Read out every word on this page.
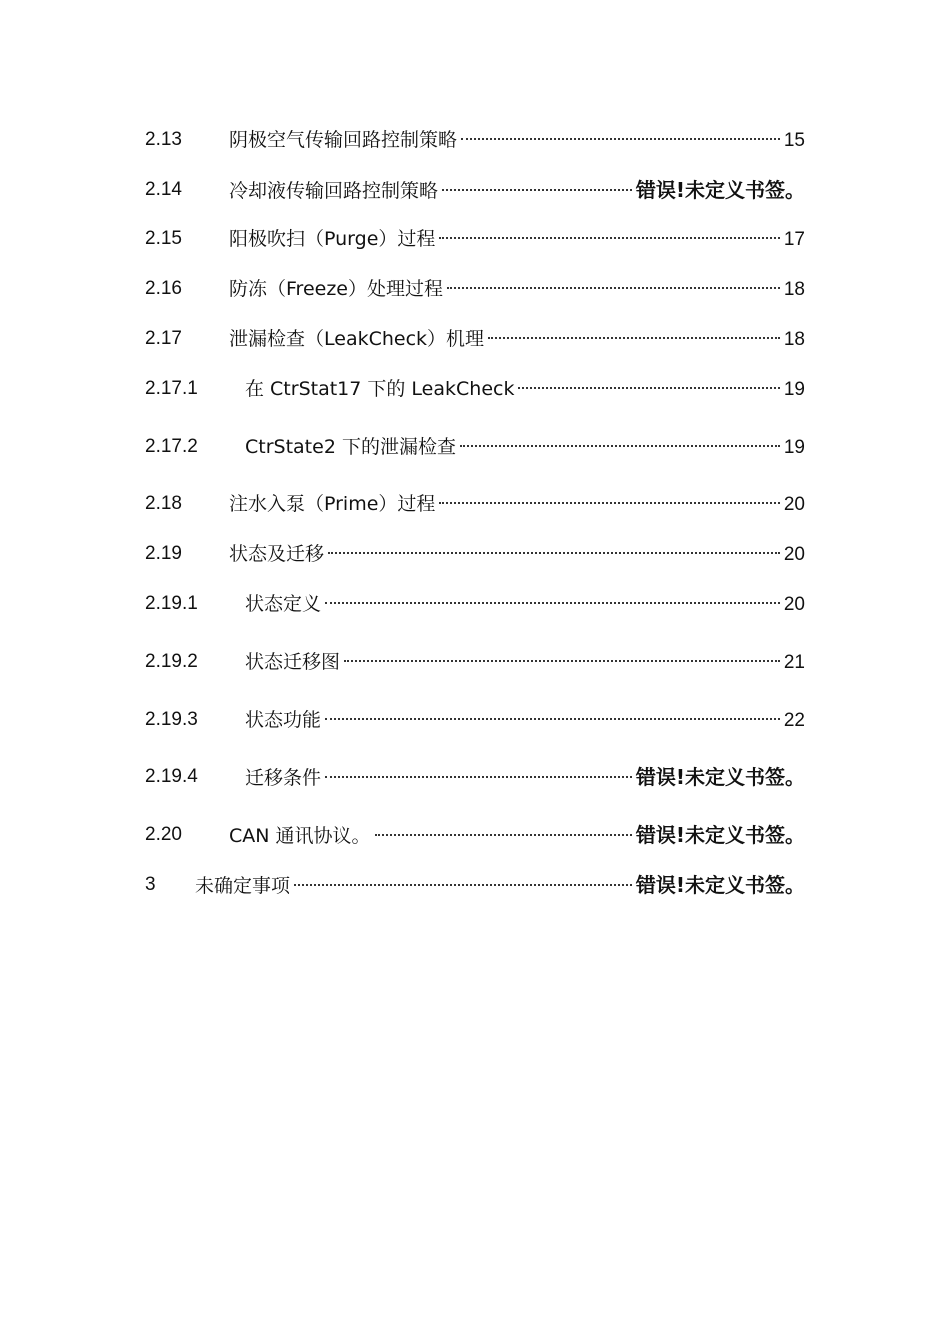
2.13 阴极空气传输回路控制策略	15
2.14 冷却液传输回路控制策略	错误!未定义书签。
2.15 阳极吹扫（Purge）过程	17
2.16 防冻（Freeze）处理过程	18
2.17 泄漏检查（LeakCheck）机理	18
2.17.1 在 CtrStat17 下的 LeakCheck	19
2.17.2 CtrState2 下的泄漏检查	19
2.18 注水入泵（Prime）过程	20
2.19 状态及迁移	20
2.19.1 状态定义	20
2.19.2 状态迁移图	21
2.19.3 状态功能	22
2.19.4 迁移条件	错误!未定义书签。
2.20 CAN 通讯协议。	错误!未定义书签。
3 未确定事项	错误!未定义书签。
